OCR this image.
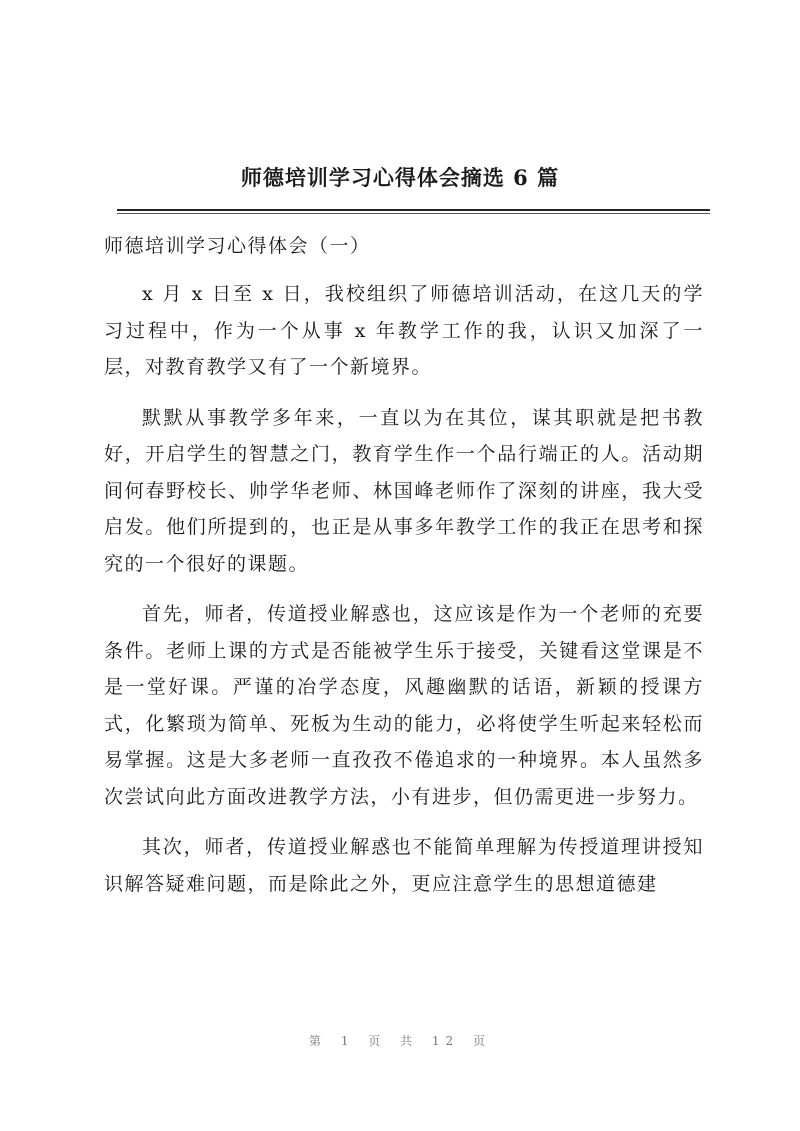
师德培训学习心得体会摘选 6 篇

师德培训学习心得体会（一）

x 月 x 日至 x 日，我校组织了师德培训活动，在这几天的学习过程中，作为一个从事 x 年教学工作的我，认识又加深了一层，对教育教学又有了一个新境界。

默默从事教学多年来，一直以为在其位，谋其职就是把书教好，开启学生的智慧之门，教育学生作一个品行端正的人。活动期间何春野校长、帅学华老师、林国峰老师作了深刻的讲座，我大受启发。他们所提到的，也正是从事多年教学工作的我正在思考和探究的一个很好的课题。

首先，师者，传道授业解惑也，这应该是作为一个老师的充要条件。老师上课的方式是否能被学生乐于接受，关键看这堂课是不是一堂好课。严谨的冶学态度，风趣幽默的话语，新颖的授课方式，化繁琐为简单、死板为生动的能力，必将使学生听起来轻松而易掌握。这是大多老师一直孜孜不倦追求的一种境界。本人虽然多次尝试向此方面改进教学方法，小有进步，但仍需更进一步努力。

其次，师者，传道授业解惑也不能简单理解为传授道理讲授知识解答疑难问题，而是除此之外，更应注意学生的思想道德建

第 1 页 共 12 页
